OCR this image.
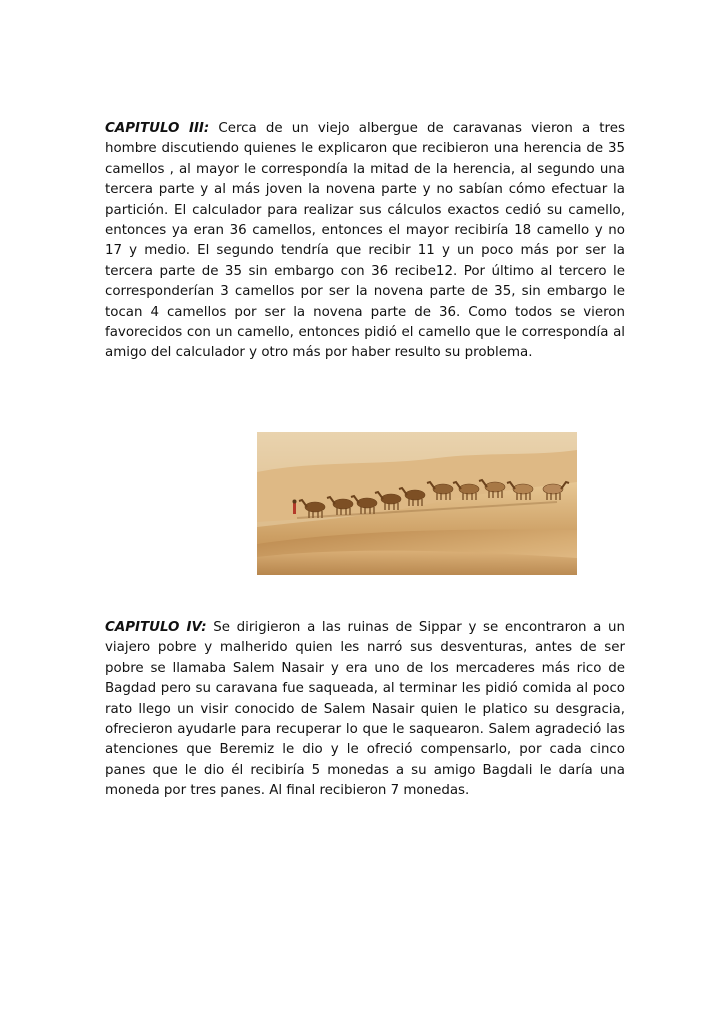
CAPITULO III: Cerca de un viejo albergue de caravanas vieron a tres hombre discutiendo quienes le explicaron que recibieron una herencia de 35 camellos , al mayor le correspondía la mitad de la herencia, al segundo una tercera parte y al más joven la novena parte y no sabían cómo efectuar la partición. El calculador para realizar sus cálculos exactos cedió su camello, entonces ya eran 36 camellos, entonces el mayor recibiría 18 camello y no 17 y medio. El segundo tendría que recibir 11 y un poco más por ser la tercera parte de 35 sin embargo con 36 recibe12. Por último al tercero le corresponderían 3 camellos por ser la novena parte de 35, sin embargo le tocan 4 camellos por ser la novena parte de 36. Como todos se vieron favorecidos con un camello, entonces pidió el camello que le correspondía al amigo del calculador y otro más por haber resulto su problema.

CAPITULO IV: Se dirigieron a las ruinas de Sippar y se encontraron a un viajero pobre y malherido quien les narró sus desventuras, antes de ser pobre se llamaba Salem Nasair y era uno de los mercaderes más rico de Bagdad pero su caravana fue saqueada, al terminar les pidió comida al poco rato llego un visir conocido de Salem Nasair quien le platico su desgracia, ofrecieron ayudarle para recuperar lo que le saquearon. Salem agradeció las atenciones que Beremiz le dio y le ofreció compensarlo, por cada cinco panes que le dio él recibiría 5 monedas a su amigo Bagdali le daría una moneda por tres panes. Al final recibieron 7 monedas.
